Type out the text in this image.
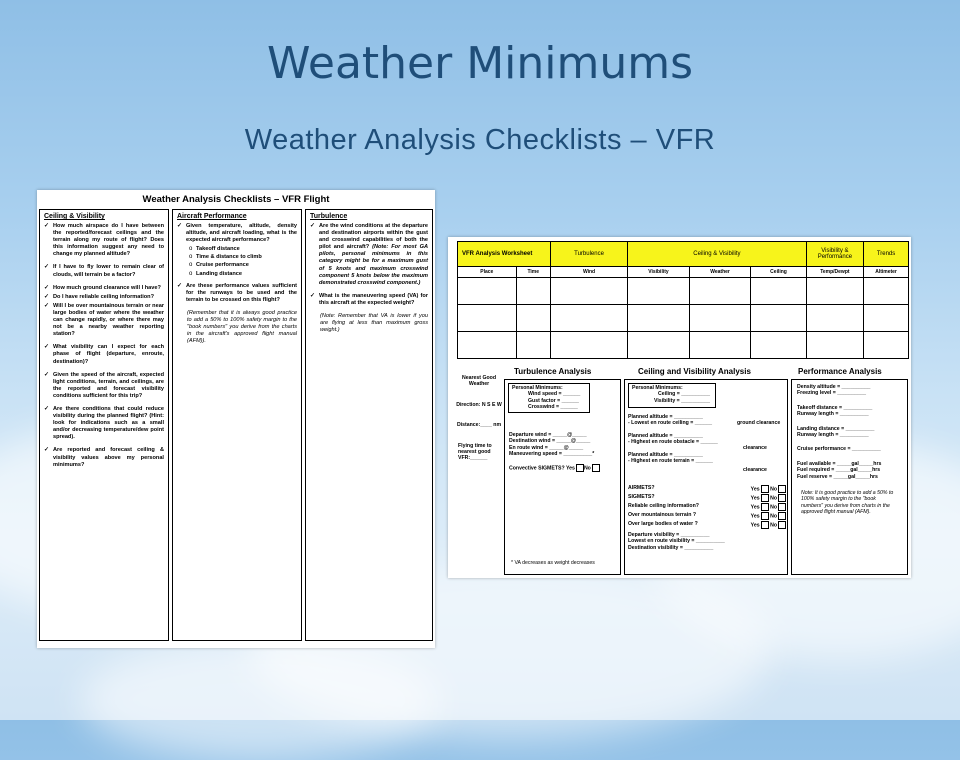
Weather Minimums
Weather Analysis Checklists – VFR
Weather Analysis Checklists – VFR Flight
Ceiling & Visibility
✓ How much airspace do I have between the reported/forecast ceilings and the terrain along my route of flight? Does this information suggest any need to change my planned altitude?
✓ If I have to fly lower to remain clear of clouds, will terrain be a factor?
✓ How much ground clearance will I have?
✓ Do I have reliable ceiling information?
✓ Will I be over mountainous terrain or near large bodies of water where the weather can change rapidly, or where there may not be a nearby weather reporting station?
✓ What visibility can I expect for each phase of flight (departure, enroute, destination)?
✓ Given the speed of the aircraft, expected light conditions, terrain, and ceilings, are the reported and forecast visibility conditions sufficient for this trip?
✓ Are there conditions that could reduce visibility during the planned flight? (Hint: look for indications such as a small and/or decreasing temperature/dew point spread).
✓ Are reported and forecast ceiling & visibility values above my personal minimums?
Aircraft Performance
✓ Given temperature, altitude, density altitude, and aircraft loading, what is the expected aircraft performance?
o Takeoff distance
o Time & distance to climb
o Cruise performance
o Landing distance
✓ Are these performance values sufficient for the runways to be used and the terrain to be crossed on this flight?

(Remember that it is always good practice to add a 50% to 100% safety margin to the "book numbers" you derive from the charts in the aircraft's approved flight manual (AFM)).

Turbulence
✓ Are the wind conditions at the departure and destination airports within the gust and crosswind capabilities of both the pilot and aircraft? (Note: For most GA pilots, personal minimums in this category might be for a maximum gust of 5 knots and maximum crosswind component 5 knots below the maximum demonstrated crosswind component.)
✓ What is the maneuvering speed (VA) for this aircraft at the expected weight?

(Note: Remember that VA is lower if you are flying at less than maximum gross weight.)

VFR Analysis Worksheet		Turbulence	Ceiling & Visibility			Visibility & Performance	Trends
Place	Time	Wind	Visibility	Weather	Ceiling	Temp/Dewpt	Altimeter

Turbulence Analysis	Ceiling and Visibility Analysis	Performance Analysis
Nearest Good Weather
Direction: N S E W
Distance:____ nm
Flying time to nearest good VFR:______
Personal Minimums:
Wind speed = ______
Gust factor = ______
Crosswind = ______
Departure wind = _____@_____
Destination wind = _____@_____
En route wind = _____@_____
Maneuvering speed = __________*
Convective SIGMETS? Yes No
* VA decreases as weight decreases
Personal Minimums:
Ceiling = __________
Visibility = __________
Planned altitude = __________
- Lowest en route ceiling = ______
Planned altitude = __________
- Highest en route obstacle = ______
Planned altitude = __________
- Highest en route terrain = ______
ground clearance
clearance
clearance
AIRMETS?	Yes No
SIGMETS?	Yes No
Reliable ceiling information?	Yes No
Over mountainous terrain ?	Yes No
Over large bodies of water ?	Yes No
Departure visibility = __________
Lowest en route visibility = __________
Destination visibility = __________
Density altitude = __________
Freezing level = __________
Takeoff distance = __________
Runway length = __________
Landing distance = __________
Runway length = __________
Cruise performance = __________
Fuel available = _____gal_____hrs
Fuel required = _____gal_____hrs
Fuel reserve = _____gal_____hrs
Note: It is good practice to add a 50% to 100% safety margin to the "book numbers" you derive from charts in the approved flight manual (AFM).
